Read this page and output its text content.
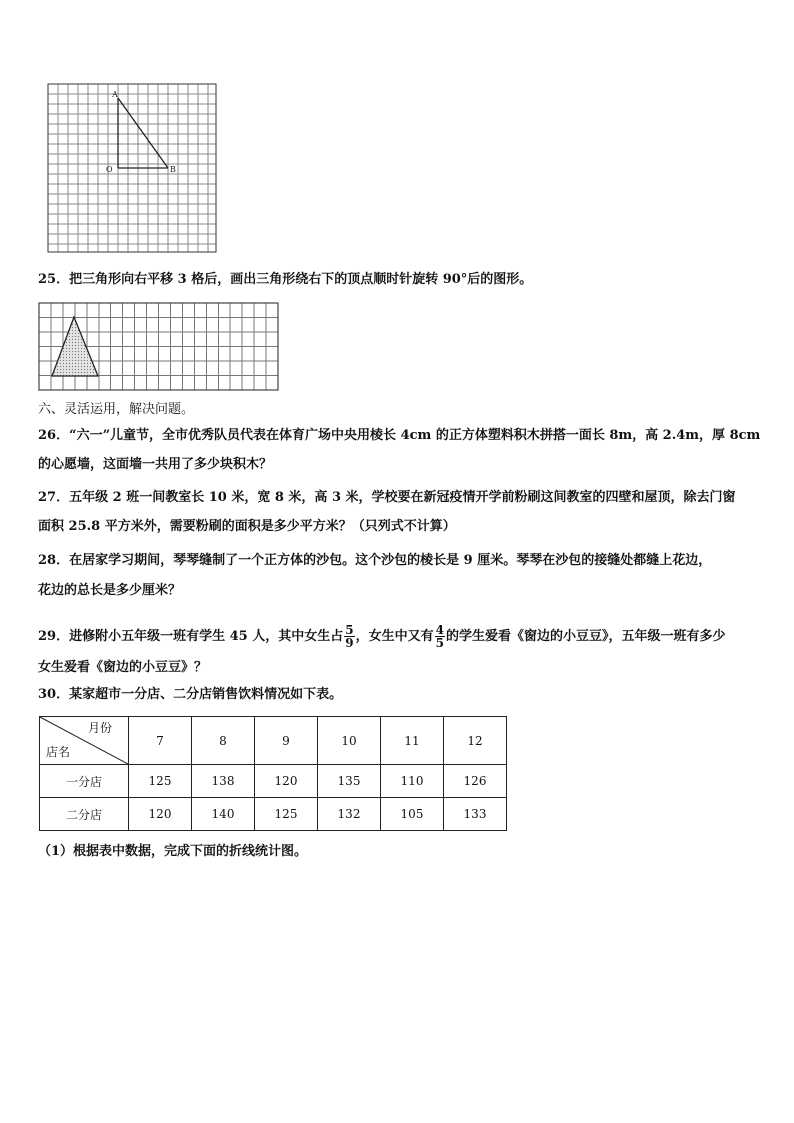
A
O	B
25．把三角形向右平移 3 格后，画出三角形绕右下的顶点顺时针旋转 90°后的图形。
六、灵活运用，解决问题。
26．“六一”儿童节，全市优秀队员代表在体育广场中央用棱长 4cm 的正方体塑料积木拼搭一面长 8m，高 2.4m，厚 8cm
的心愿墙，这面墙一共用了多少块积木？
27．五年级 2 班一间教室长 10 米，宽 8 米，高 3 米，学校要在新冠疫情开学前粉刷这间教室的四壁和屋顶，除去门窗
面积 25.8 平方米外，需要粉刷的面积是多少平方米？（只列式不计算）
28．在居家学习期间，琴琴缝制了一个正方体的沙包。这个沙包的棱长是 9 厘米。琴琴在沙包的接缝处都缝上花边，
花边的总长是多少厘米？
29．进修附小五年级一班有学生 45 人，其中女生占 $\frac{5}{9}$ ，女生中又有 $\frac{4}{5}$ 的学生爱看《窗边的小豆豆》，五年级一班有多少
女生爱看《窗边的小豆豆》？
30．某家超市一分店、二分店销售饮料情况如下表。
月份
店名	7	8	9	10	11	12
一分店	125	138	120	135	110	126
二分店	120	140	125	132	105	133
（1）根据表中数据，完成下面的折线统计图。
